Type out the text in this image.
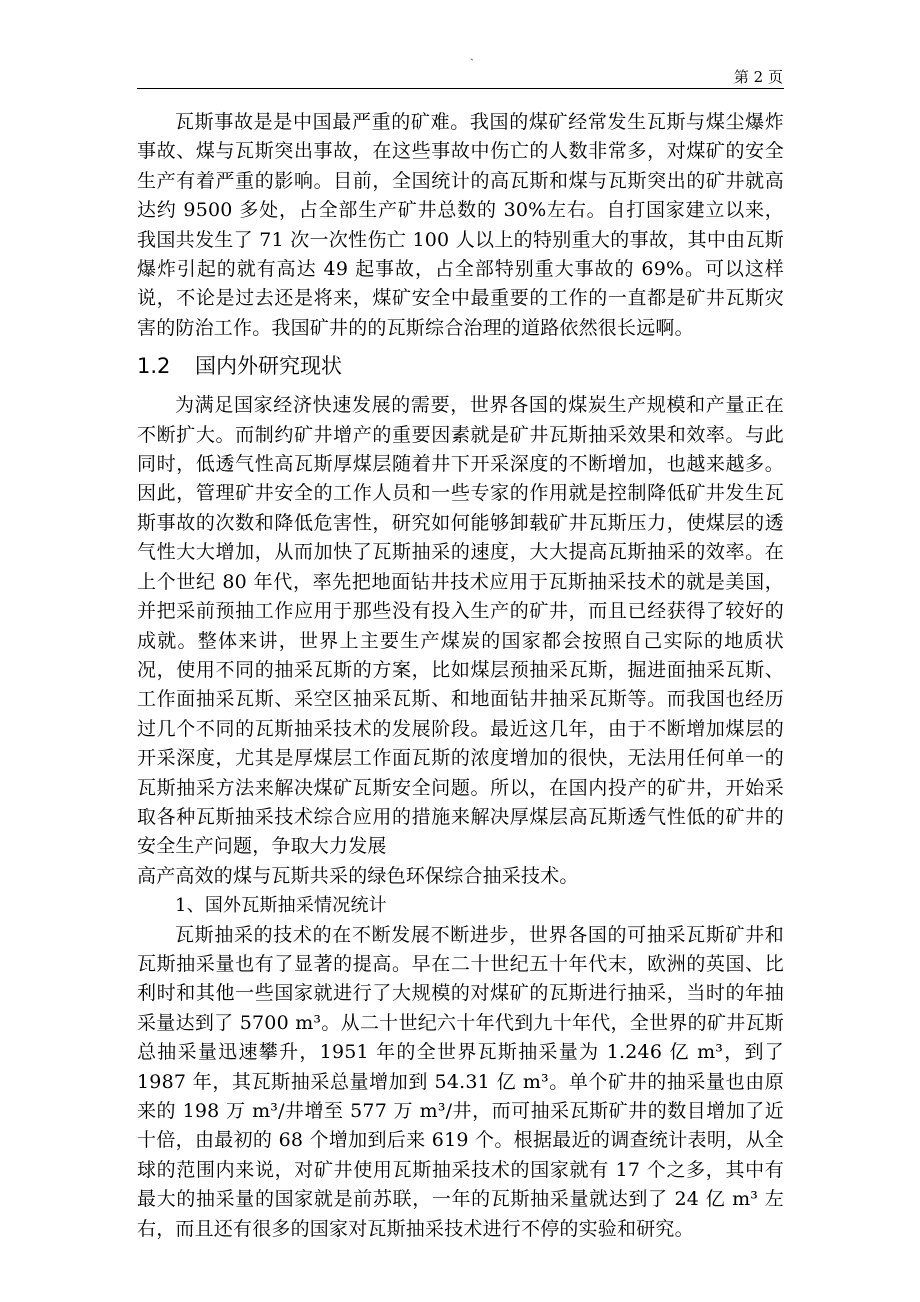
`
第 2 页

瓦斯事故是是中国最严重的矿难。我国的煤矿经常发生瓦斯与煤尘爆炸事故、煤与瓦斯突出事故，在这些事故中伤亡的人数非常多，对煤矿的安全生产有着严重的影响。目前，全国统计的高瓦斯和煤与瓦斯突出的矿井就高达约 9500 多处，占全部生产矿井总数的 30%左右。自打国家建立以来，我国共发生了 71 次一次性伤亡 100 人以上的特别重大的事故，其中由瓦斯爆炸引起的就有高达 49 起事故，占全部特别重大事故的 69%。可以这样说，不论是过去还是将来，煤矿安全中最重要的工作的一直都是矿井瓦斯灾害的防治工作。我国矿井的的瓦斯综合治理的道路依然很长远啊。

1.2 国内外研究现状

为满足国家经济快速发展的需要，世界各国的煤炭生产规模和产量正在不断扩大。而制约矿井增产的重要因素就是矿井瓦斯抽采效果和效率。与此同时，低透气性高瓦斯厚煤层随着井下开采深度的不断增加，也越来越多。因此，管理矿井安全的工作人员和一些专家的作用就是控制降低矿井发生瓦斯事故的次数和降低危害性，研究如何能够卸载矿井瓦斯压力，使煤层的透气性大大增加，从而加快了瓦斯抽采的速度，大大提高瓦斯抽采的效率。在上个世纪 80 年代，率先把地面钻井技术应用于瓦斯抽采技术的就是美国，并把采前预抽工作应用于那些没有投入生产的矿井，而且已经获得了较好的成就。整体来讲，世界上主要生产煤炭的国家都会按照自己实际的地质状况，使用不同的抽采瓦斯的方案，比如煤层预抽采瓦斯，掘进面抽采瓦斯、工作面抽采瓦斯、采空区抽采瓦斯、和地面钻井抽采瓦斯等。而我国也经历过几个不同的瓦斯抽采技术的发展阶段。最近这几年，由于不断增加煤层的开采深度，尤其是厚煤层工作面瓦斯的浓度增加的很快，无法用任何单一的瓦斯抽采方法来解决煤矿瓦斯安全问题。所以，在国内投产的矿井，开始采取各种瓦斯抽采技术综合应用的措施来解决厚煤层高瓦斯透气性低的矿井的安全生产问题，争取大力发展

高产高效的煤与瓦斯共采的绿色环保综合抽采技术。

1、国外瓦斯抽采情况统计

瓦斯抽采的技术的在不断发展不断进步，世界各国的可抽采瓦斯矿井和瓦斯抽采量也有了显著的提高。早在二十世纪五十年代末，欧洲的英国、比利时和其他一些国家就进行了大规模的对煤矿的瓦斯进行抽采，当时的年抽采量达到了 5700 m³。从二十世纪六十年代到九十年代，全世界的矿井瓦斯总抽采量迅速攀升，1951 年的全世界瓦斯抽采量为 1.246 亿 m³，到了 1987 年，其瓦斯抽采总量增加到 54.31 亿 m³。单个矿井的抽采量也由原来的 198 万 m³/井增至 577 万 m³/井，而可抽采瓦斯矿井的数目增加了近十倍，由最初的 68 个增加到后来 619 个。根据最近的调查统计表明，从全球的范围内来说，对矿井使用瓦斯抽采技术的国家就有 17 个之多，其中有最大的抽采量的国家就是前苏联，一年的瓦斯抽采量就达到了 24 亿 m³ 左右，而且还有很多的国家对瓦斯抽采技术进行不停的实验和研究。
